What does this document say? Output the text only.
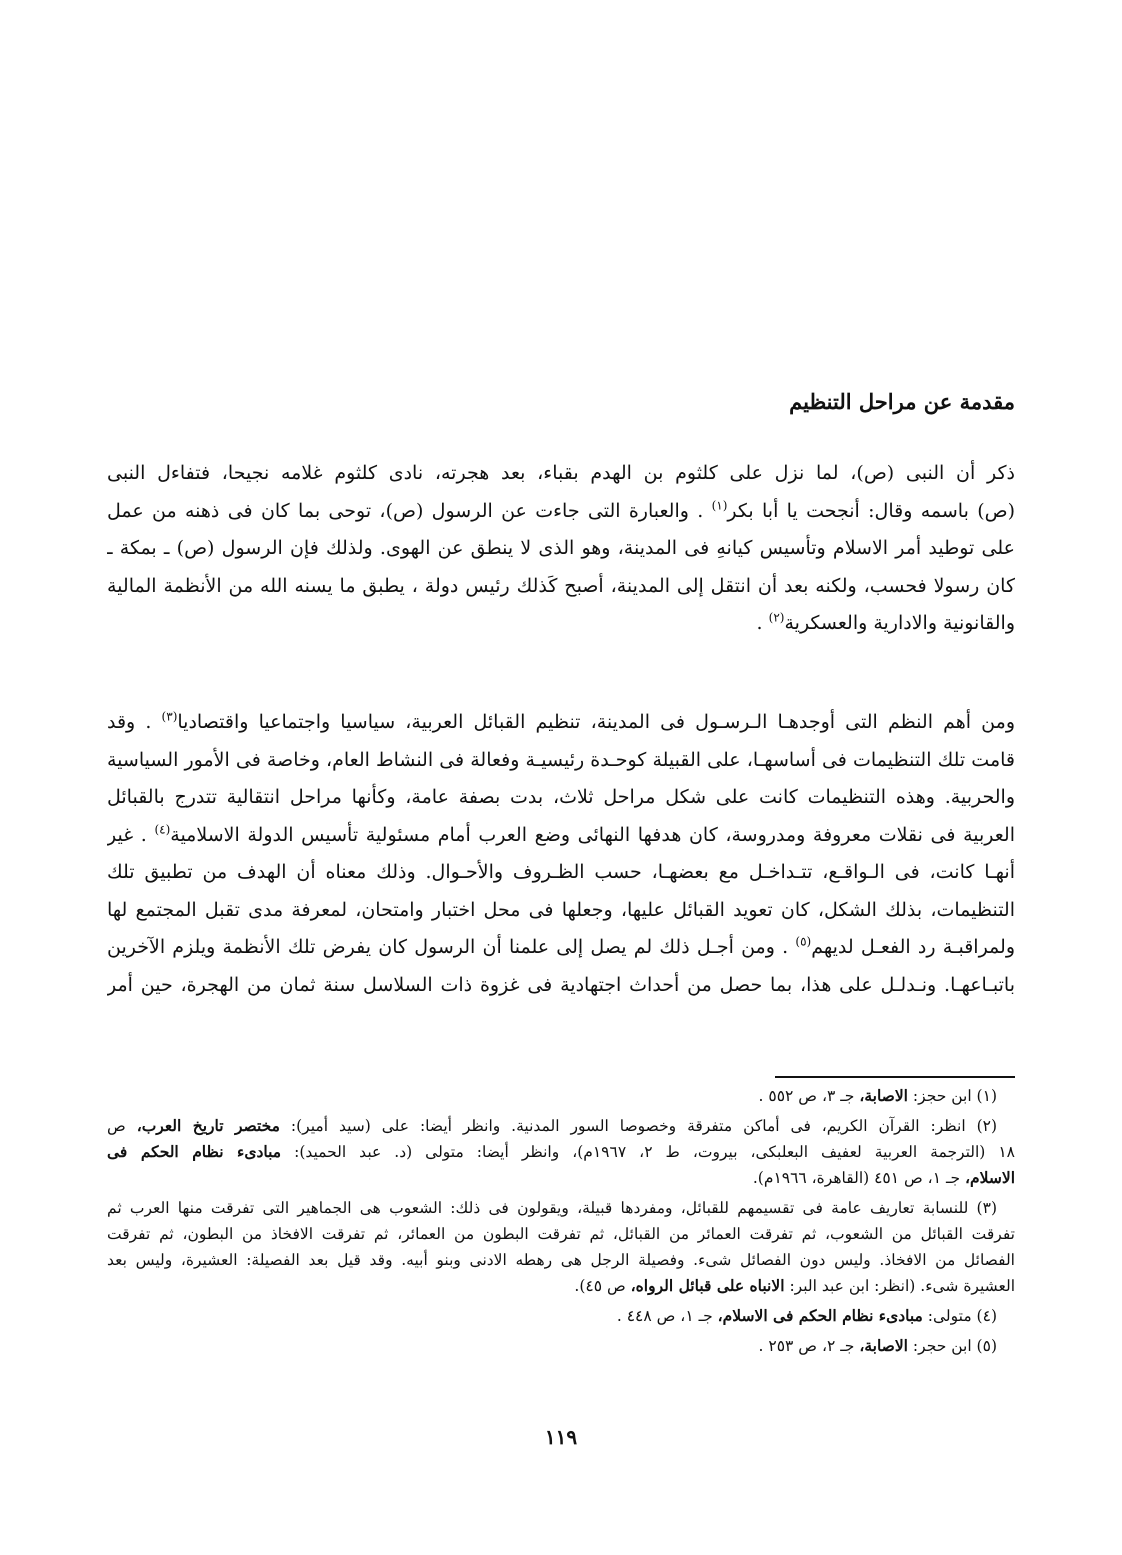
مقدمة عن مراحل التنظيم

ذكر أن النبى (ص)، لما نزل على كلثوم بن الهدم بقباء، بعد هجرته، نادى كلثوم غلامه نجيحا، فتفاءل النبى
(ص) باسمه وقال: أنجحت يا أبا بكر$^{(١)}$ . والعبارة التى جاءت عن الرسول (ص)، توحى بما كان فى ذهنه من عمل
على توطيد أمر الاسلام وتأسيس كيانهِ فى المدينة، وهو الذى لا ينطق عن الهوى. ولذلك فإن الرسول (ص) ـ بمكة ـ
كان رسولا فحسب، ولكنه بعد أن انتقل إلى المدينة، أصبح كَذلك رئيس دولة ، يطبق ما يسنه الله من الأنظمة المالية
والقانونية والادارية والعسكرية$^{(٢)}$ .

ومن أهم النظم التى أوجدهـا الـرسـول فى المدينة، تنظيم القبائل العربية، سياسيا واجتماعيا واقتصاديا$^{(٣)}$ . وقد
قامت تلك التنظيمات فى أساسهـا، على القبيلة كوحـدة رئيسيـة وفعالة فى النشاط العام، وخاصة فى الأمور السياسية
والحربية. وهذه التنظيمات كانت على شكل مراحل ثلاث، بدت بصفة عامة، وكأنها مراحل انتقالية تتدرج بالقبائل
العربية فى نقلات معروفة ومدروسة، كان هدفها النهائى وضع العرب أمام مسئولية تأسيس الدولة الاسلامية$^{(٤)}$ . غير
أنهـا كانت، فى الـواقـع، تتـداخـل مع بعضهـا، حسب الظـروف والأحـوال. وذلك معناه أن الهدف من تطبيق تلك
التنظيمات، بذلك الشكل، كان تعويد القبائل عليها، وجعلها فى محل اختبار وامتحان، لمعرفة مدى تقبل المجتمع لها
ولمراقبـة رد الفعـل لديهم$^{(٥)}$ . ومن أجـل ذلك لم يصل إلى علمنا أن الرسول كان يفرض تلك الأنظمة ويلزم الآخرين
باتبـاعهـا. ونـدلـل على هذا، بما حصل من أحداث اجتهادية فى غزوة ذات السلاسل سنة ثمان من الهجرة، حين أمر

(١) ابن حجز: الاصابة، جـ ٣، ص ٥٥٢ .
(٢) انظر: القرآن الكريم، فى أماكن متفرقة وخصوصا السور المدنية. وانظر أيضا: على (سيد أمير): مختصر تاريخ العرب، ص
١٨ (الترجمة العربية لعفيف البعلبكى، بيروت، ط ٢، ١٩٦٧م)، وانظر أيضا: متولى (د. عبد الحميد): مبادىء نظام الحكم فى
الاسلام، جـ ١، ص ٤٥١ (القاهرة، ١٩٦٦م).
(٣) للنسابة تعاريف عامة فى تقسيمهم للقبائل، ومفردها قبيلة، ويقولون فى ذلك: الشعوب هى الجماهير التى تفرقت منها العرب ثم
تفرقت القبائل من الشعوب، ثم تفرقت العمائر من القبائل، ثم تفرقت البطون من العمائر، ثم تفرقت الافخاذ من البطون، ثم تفرقت
الفصائل من الافخاذ. وليس دون الفصائل شىء. وفصيلة الرجل هى رهطه الادنى وبنو أبيه. وقد قيل بعد الفصيلة: العشيرة، وليس بعد
العشيرة شىء. (انظر: ابن عبد البر: الانباه على قبائل الرواه، ص ٤٥).
(٤) متولى: مبادىء نظام الحكم فى الاسلام، جـ ١، ص ٤٤٨ .
(٥) ابن حجر: الاصابة، جـ ٢، ص ٢٥٣ .
١١٩
